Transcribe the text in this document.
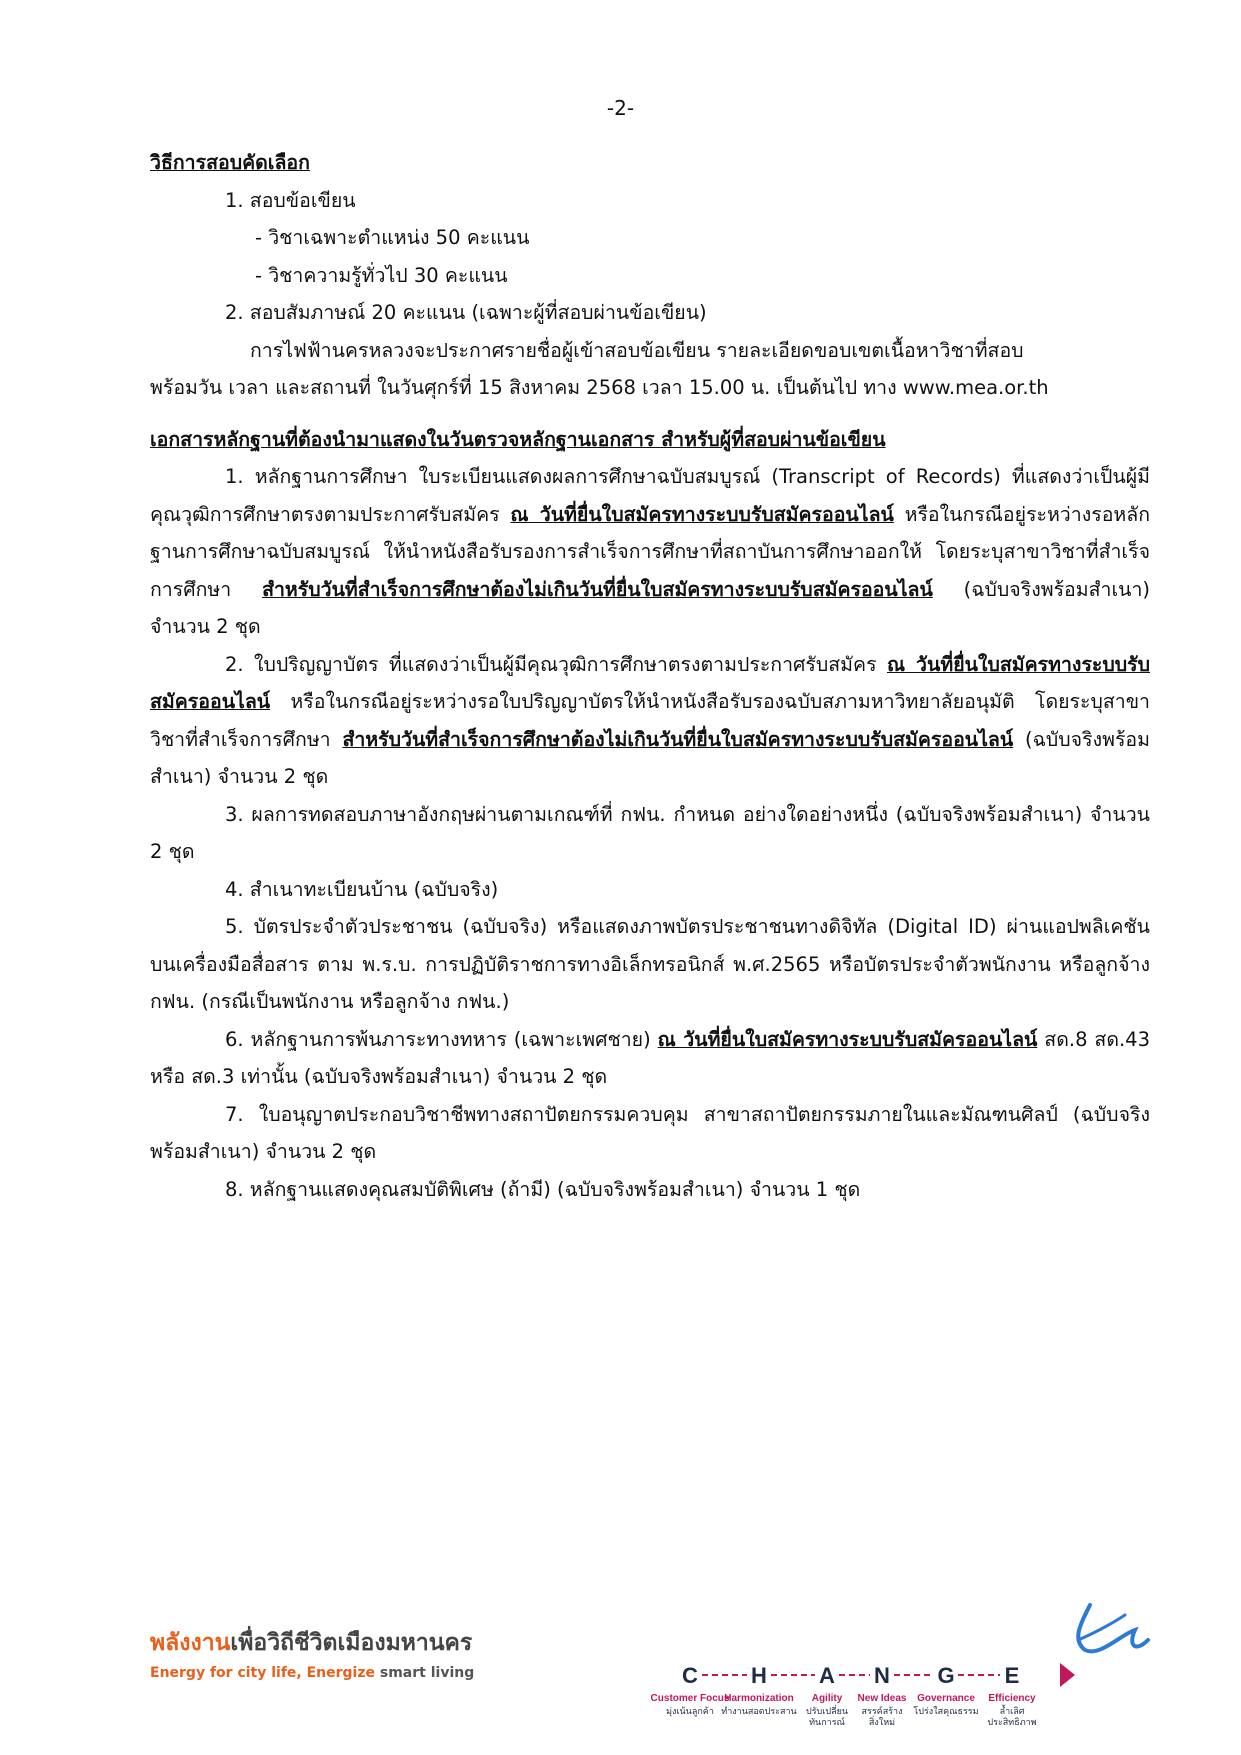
-2-
วิธีการสอบคัดเลือก
1. สอบข้อเขียน
- วิชาเฉพาะตำแหน่ง 50 คะแนน
- วิชาความรู้ทั่วไป 30 คะแนน
2. สอบสัมภาษณ์ 20 คะแนน (เฉพาะผู้ที่สอบผ่านข้อเขียน)
การไฟฟ้านครหลวงจะประกาศรายชื่อผู้เข้าสอบข้อเขียน รายละเอียดขอบเขตเนื้อหาวิชาที่สอบ
พร้อมวัน เวลา และสถานที่ ในวันศุกร์ที่ 15 สิงหาคม 2568 เวลา 15.00 น. เป็นต้นไป ทาง www.mea.or.th
เอกสารหลักฐานที่ต้องนำมาแสดงในวันตรวจหลักฐานเอกสาร สำหรับผู้ที่สอบผ่านข้อเขียน
1. หลักฐานการศึกษา ใบระเบียนแสดงผลการศึกษาฉบับสมบูรณ์ (Transcript of Records) ที่แสดงว่าเป็นผู้มีคุณวุฒิการศึกษาตรงตามประกาศรับสมัคร ณ วันที่ยื่นใบสมัครทางระบบรับสมัครออนไลน์ หรือในกรณีอยู่ระหว่างรอหลักฐานการศึกษาฉบับสมบูรณ์ ให้นำหนังสือรับรองการสำเร็จการศึกษาที่สถาบันการศึกษาออกให้ โดยระบุสาขาวิชาที่สำเร็จการศึกษา สำหรับวันที่สำเร็จการศึกษาต้องไม่เกินวันที่ยื่นใบสมัครทางระบบรับสมัครออนไลน์ (ฉบับจริงพร้อมสำเนา) จำนวน 2 ชุด
2. ใบปริญญาบัตร ที่แสดงว่าเป็นผู้มีคุณวุฒิการศึกษาตรงตามประกาศรับสมัคร ณ วันที่ยื่นใบสมัครทางระบบรับสมัครออนไลน์ หรือในกรณีอยู่ระหว่างรอใบปริญญาบัตรให้นำหนังสือรับรองฉบับสภามหาวิทยาลัยอนุมัติ โดยระบุสาขาวิชาที่สำเร็จการศึกษา สำหรับวันที่สำเร็จการศึกษาต้องไม่เกินวันที่ยื่นใบสมัครทางระบบรับสมัครออนไลน์ (ฉบับจริงพร้อมสำเนา) จำนวน 2 ชุด
3. ผลการทดสอบภาษาอังกฤษผ่านตามเกณฑ์ที่ กฟน. กำหนด อย่างใดอย่างหนึ่ง (ฉบับจริงพร้อมสำเนา) จำนวน 2 ชุด
4. สำเนาทะเบียนบ้าน (ฉบับจริง)
5. บัตรประจำตัวประชาชน (ฉบับจริง) หรือแสดงภาพบัตรประชาชนทางดิจิทัล (Digital ID) ผ่านแอปพลิเคชันบนเครื่องมือสื่อสาร ตาม พ.ร.บ. การปฏิบัติราชการทางอิเล็กทรอนิกส์ พ.ศ.2565 หรือบัตรประจำตัวพนักงาน หรือลูกจ้าง กฟน. (กรณีเป็นพนักงาน หรือลูกจ้าง กฟน.)
6. หลักฐานการพ้นภาระทางทหาร (เฉพาะเพศชาย) ณ วันที่ยื่นใบสมัครทางระบบรับสมัครออนไลน์ สด.8 สด.43 หรือ สด.3 เท่านั้น (ฉบับจริงพร้อมสำเนา) จำนวน 2 ชุด
7. ใบอนุญาตประกอบวิชาชีพทางสถาปัตยกรรมควบคุม สาขาสถาปัตยกรรมภายในและมัณฑนศิลป์ (ฉบับจริงพร้อมสำเนา) จำนวน 2 ชุด
8. หลักฐานแสดงคุณสมบัติพิเศษ (ถ้ามี) (ฉบับจริงพร้อมสำเนา) จำนวน 1 ชุด
พลังงานเพื่อวิถีชีวิตเมืองมหานคร
Energy for city life, Energize smart living	C
Customer Focus
มุ่งเน้นลูกค้า
H
Harmonization
ทำงานสอดประสาน
A
Agility
ปรับเปลี่ยน
ทันการณ์
N
New Ideas
สรรค์สร้าง
สิ่งใหม่
G
Governance
โปร่งใสคุณธรรม
E
Efficiency
ล้ำเลิศ
ประสิทธิภาพ
